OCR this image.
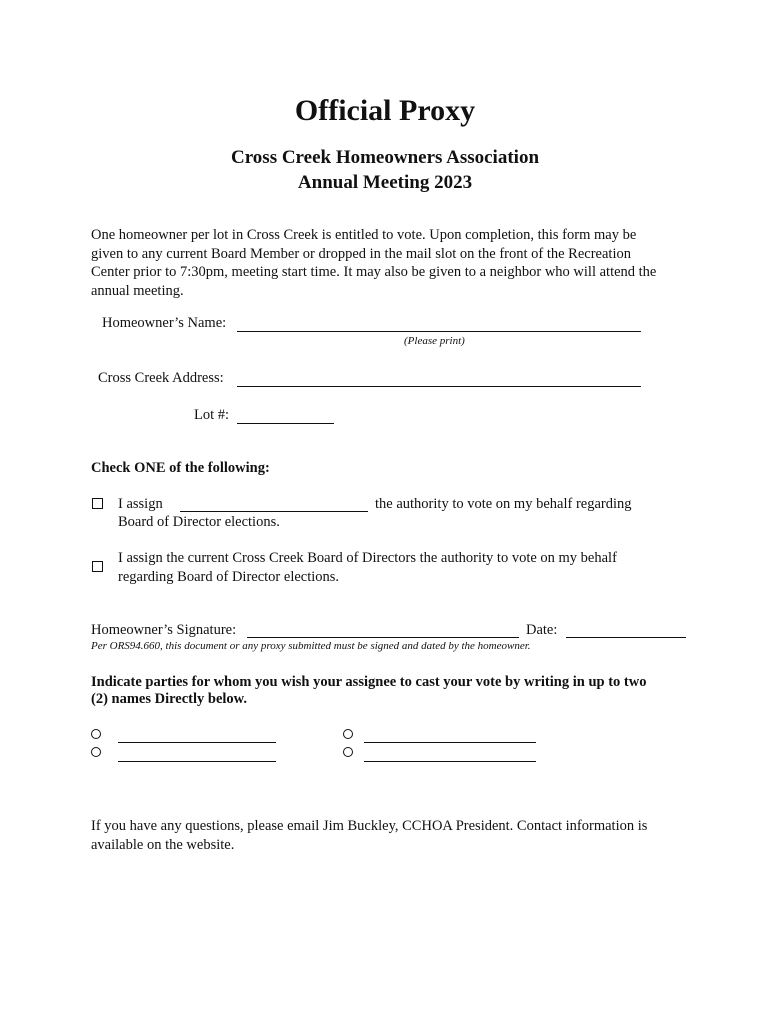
Official Proxy
Cross Creek Homeowners Association
Annual Meeting 2023
One homeowner per lot in Cross Creek is entitled to vote. Upon completion, this form may be
given to any current Board Member or dropped in the mail slot on the front of the Recreation
Center prior to 7:30pm, meeting start time. It may also be given to a neighbor who will attend the
annual meeting.
Homeowner’s Name:
(Please print)
Cross Creek Address:
Lot #:
Check ONE of the following:
I assign	the authority to vote on my behalf regarding
Board of Director elections.
I assign the current Cross Creek Board of Directors the authority to vote on my behalf
regarding Board of Director elections.
Homeowner’s Signature:	Date:
Per ORS94.660, this document or any proxy submitted must be signed and dated by the homeowner.
Indicate parties for whom you wish your assignee to cast your vote by writing in up to two
(2) names Directly below.
If you have any questions, please email Jim Buckley, CCHOA President. Contact information is
available on the website.
